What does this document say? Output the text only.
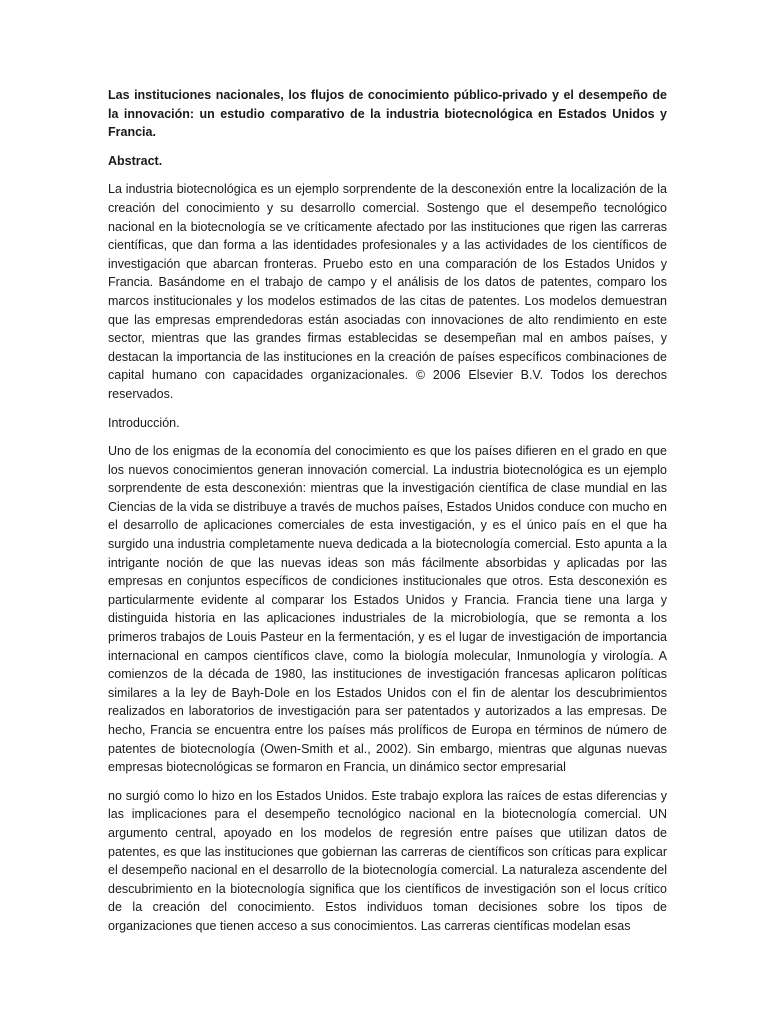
Las instituciones nacionales, los flujos de conocimiento público-privado y el desempeño de la innovación: un estudio comparativo de la industria biotecnológica en Estados Unidos y Francia.
Abstract.

La industria biotecnológica es un ejemplo sorprendente de la desconexión entre la localización de la creación del conocimiento y su desarrollo comercial. Sostengo que el desempeño tecnológico nacional en la biotecnología se ve críticamente afectado por las instituciones que rigen las carreras científicas, que dan forma a las identidades profesionales y a las actividades de los científicos de investigación que abarcan fronteras. Pruebo esto en una comparación de los Estados Unidos y Francia. Basándome en el trabajo de campo y el análisis de los datos de patentes, comparo los marcos institucionales y los modelos estimados de las citas de patentes. Los modelos demuestran que las empresas emprendedoras están asociadas con innovaciones de alto rendimiento en este sector, mientras que las grandes firmas establecidas se desempeñan mal en ambos países, y destacan la importancia de las instituciones en la creación de países específicos combinaciones de capital humano con capacidades organizacionales. © 2006 Elsevier B.V. Todos los derechos reservados.

Introducción.

Uno de los enigmas de la economía del conocimiento es que los países difieren en el grado en que los nuevos conocimientos generan innovación comercial. La industria biotecnológica es un ejemplo sorprendente de esta desconexión: mientras que la investigación científica de clase mundial en las Ciencias de la vida se distribuye a través de muchos países, Estados Unidos conduce con mucho en el desarrollo de aplicaciones comerciales de esta investigación, y es el único país en el que ha surgido una industria completamente nueva dedicada a la biotecnología comercial. Esto apunta a la intrigante noción de que las nuevas ideas son más fácilmente absorbidas y aplicadas por las empresas en conjuntos específicos de condiciones institucionales que otros. Esta desconexión es particularmente evidente al comparar los Estados Unidos y Francia. Francia tiene una larga y distinguida historia en las aplicaciones industriales de la microbiología, que se remonta a los primeros trabajos de Louis Pasteur en la fermentación, y es el lugar de investigación de importancia internacional en campos científicos clave, como la biología molecular, Inmunología y virología. A comienzos de la década de 1980, las instituciones de investigación francesas aplicaron políticas similares a la ley de Bayh-Dole en los Estados Unidos con el fin de alentar los descubrimientos realizados en laboratorios de investigación para ser patentados y autorizados a las empresas. De hecho, Francia se encuentra entre los países más prolíficos de Europa en términos de número de patentes de biotecnología (Owen-Smith et al., 2002). Sin embargo, mientras que algunas nuevas empresas biotecnológicas se formaron en Francia, un dinámico sector empresarial

no surgió como lo hizo en los Estados Unidos. Este trabajo explora las raíces de estas diferencias y las implicaciones para el desempeño tecnológico nacional en la biotecnología comercial. UN argumento central, apoyado en los modelos de regresión entre países que utilizan datos de patentes, es que las instituciones que gobiernan las carreras de científicos son críticas para explicar el desempeño nacional en el desarrollo de la biotecnología comercial. La naturaleza ascendente del descubrimiento en la biotecnología significa que los científicos de investigación son el locus crítico de la creación del conocimiento. Estos individuos toman decisiones sobre los tipos de organizaciones que tienen acceso a sus conocimientos. Las carreras científicas modelan esas
